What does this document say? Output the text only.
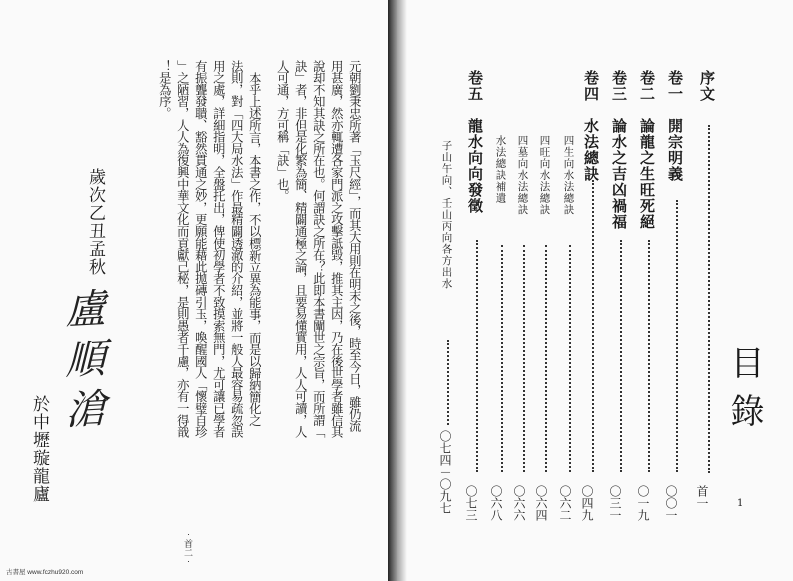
元朝劉秉忠所著「玉尺經」，而其大用則在明末之後，時至今日，雖仍流
用甚廣，然亦輒遭各家門派之攻擊詆毀，推其主因，乃在後世學者雖信其
說却不知其訣之所在也。何謂訣之所在？此即本書闡世之宗旨，而所謂「
訣」者，非但是化繁為簡、精闢通極之論，且要易懂實用，人人可讀，人
人可通，方可稱「訣」也。
本乎上述所言，本書之作，不以標新立異為能事，而是以歸納簡化之
法則，對「四大局水法」作最精闢透澈的介紹，並將一般人最容易疏忽誤
用之處，詳細指明，全盤托出，俾使初學者不致摸索無門，尤可讓已學者
有振聾發聵、豁然貫通之妙，更願能藉此拋磚引玉，喚醒國人「懷璧自珍
」之陋習，人人為復興中華文化而貢獻己秘，是則愚者千慮，亦有一得戠
！是為序。
‧首二‧
歲次乙丑孟秋
盧順滄
於中壢璇龍廬
古書屋 www.fczhu920.com
目錄
1
序文
首一
卷一　開宗明義
〇〇一
卷二　論龍之生旺死絕
〇一九
卷三　論水之吉凶禍福
〇三一
卷四　水法總訣
〇四九
四生向水法總訣
〇六二
四旺向水法總訣
〇六四
四墓向水法總訣
〇六六
水法總訣補遺
〇六八
卷五　龍水向向發徵
〇七三
子山午向、壬山丙向各方出水
〇七四－〇九七
